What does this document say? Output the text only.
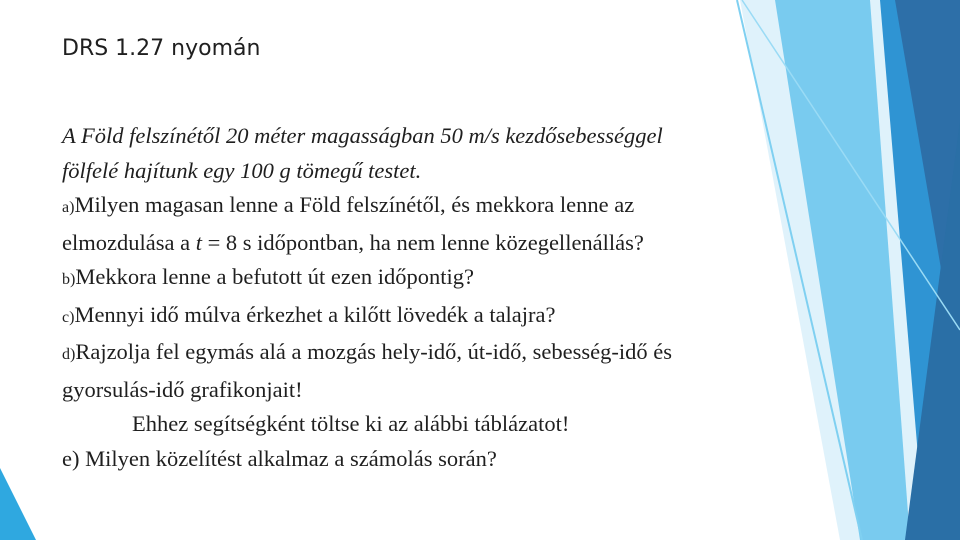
DRS 1.27 nyomán
A Föld felszínétől 20 méter magasságban 50 m/s kezdősebességgel
fölfelé hajítunk egy 100 g tömegű testet.
a)Milyen magasan lenne a Föld felszínétől, és mekkora lenne az
elmozdulása a t = 8 s időpontban, ha nem lenne közegellenállás?
b)Mekkora lenne a befutott út ezen időpontig?
c)Mennyi idő múlva érkezhet a kilőtt lövedék a talajra?
d)Rajzolja fel egymás alá a mozgás hely-idő, út-idő, sebesség-idő és
gyorsulás-idő grafikonjait!
Ehhez segítségként töltse ki az alábbi táblázatot!
e) Milyen közelítést alkalmaz a számolás során?
